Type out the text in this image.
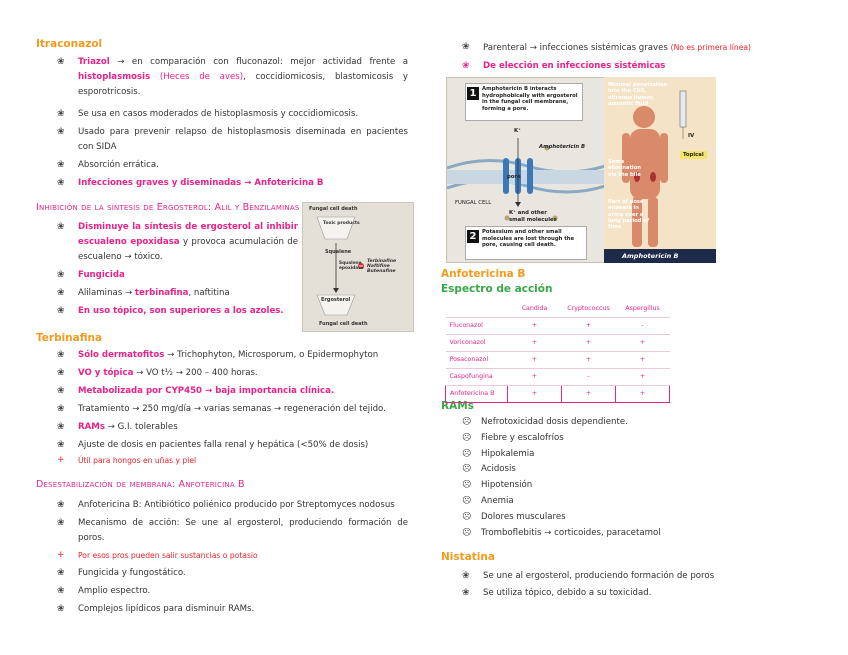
Itraconazol
❀ Triazol → en comparación con fluconazol: mejor actividad frente a histoplasmosis (Heces de aves), coccidiomicosis, blastomicosis y esporotricosis.
❀ Se usa en casos moderados de histoplasmosis y coccidiomicosis.
❀ Usado para prevenir relapso de histoplasmosis diseminada en pacientes con SIDA
❀ Absorción errática.
❀ Infecciones graves y diseminadas → Anfotericina B
Inhibición de la síntesis de Ergosterol: Alil y Benzilaminas
❀ Disminuye la síntesis de ergosterol al inhibir escualeno epoxidasa y provoca acumulación de escualeno → tóxico.
❀ Fungicida
❀ Alilaminas → terbinafina, naftitina
❀ En uso tópico, son superiores a los azoles.
Terbinafina
❀ Sólo dermatofitos → Trichophyton, Microsporum, o Epidermophyton
❀ VO y tópica → VO t½ → 200 – 400 horas.
❀ Metabolizada por CYP450 → baja importancia clínica.
❀ Tratamiento → 250 mg/día → varias semanas → regeneración del tejido.
❀ RAMs → G.I. tolerables
❀ Ajuste de dosis en pacientes falla renal y hepática (<50% de dosis)
+ Útil para hongos en uñas y piel
Desestabilización de membrana: Anfotericina B
❀ Anfotericina B: Antibiótico poliénico producido por Streptomyces nodosus
❀ Mecanismo de acción: Se une al ergosterol, produciendo formación de poros.
+ Por esos pros pueden salir sustancias o potasio
❀ Fungicida y fungostático.
❀ Amplio espectro.
❀ Complejos lipídicos para disminuir RAMs.
Fungal cell death
Toxic products
Squalene
Squalene epoxidase
Terbinafine Naftifine Butenafine
Ergosterol
Fungal cell death
❀ Parenteral → infecciones sistémicas graves (No es primera línea)
❀ De elección en infecciones sistémicas
Anfotericina B
Espectro de acción
RAMs
☹ Nefrotoxicidad dosis dependiente.
☹ Fiebre y escalofríos
☹ Hipokalemia
☹ Acidosis
☹ Hipotensión
☹ Anemia
☹ Dolores musculares
☹ Tromboflebitis → corticoides, paracetamol
Nistatina
❀ Se une al ergosterol, produciendo formación de poros
❀ Se utiliza tópico, debido a su toxicidad.
1	Amphotericin B interacts hydrophobically with ergosterol in the fungal cell membrane, forming a pore.
K⁺
Amphotericin B
pore
FUNGAL CELL
K⁺ and other small molecules
2	Potassium and other small molecules are lost through the pore, causing cell death.
Minimal penetration into the CNS, vitreous humor, amniotic fluid
IV
Topical
Some elimination via the bile
Part of dose appears in urine over a long period of time
Amphotericin B
	Candida	Cryptococcus	Aspergillus
Fluconazol	+	+	-
Voriconazol	+	+	+
Posaconazol	+	+	+
Caspofungina	+	-	+
Anfotericina B	+	+	+
